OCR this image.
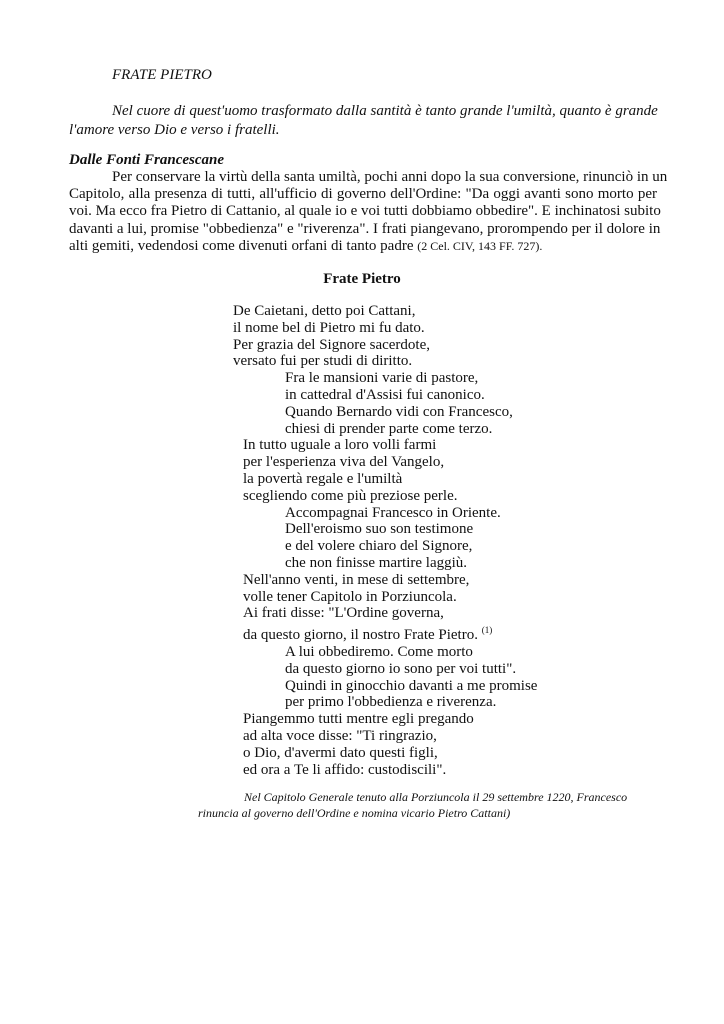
FRATE PIETRO
Nel cuore di quest'uomo trasformato dalla santità è tanto grande l'umiltà, quanto è grande
l'amore verso Dio e verso i fratelli.
Dalle Fonti Francescane
Per conservare la virtù della santa umiltà, pochi anni dopo la sua conversione, rinunciò in un
Capitolo, alla presenza di tutti, all'ufficio di governo dell'Ordine: "Da oggi avanti sono morto per
voi. Ma ecco fra Pietro di Cattanio, al quale io e voi tutti dobbiamo obbedire". E inchinatosi subito
davanti a lui, promise "obbedienza" e "riverenza". I frati piangevano, prorompendo per il dolore in
alti gemiti, vedendosi come divenuti orfani di tanto padre (2 Cel. CIV, 143 FF. 727).
Frate Pietro
De Caietani, detto poi Cattani,
il nome bel di Pietro mi fu dato.
Per grazia del Signore sacerdote,
versato fui per studi di diritto.
Fra le mansioni varie di pastore,
in cattedral d'Assisi fui canonico.
Quando Bernardo vidi con Francesco,
chiesi di prender parte come terzo.
In tutto uguale a loro volli farmi
per l'esperienza viva del Vangelo,
la povertà regale e l'umiltà
scegliendo come più preziose perle.
Accompagnai Francesco in Oriente.
Dell'eroismo suo son testimone
e del volere chiaro del Signore,
che non finisse martire laggiù.
Nell'anno venti, in mese di settembre,
volle tener Capitolo in Porziuncola.
Ai frati disse: "L'Ordine governa,
da questo giorno, il nostro Frate Pietro. $^{(1)}$
A lui obbediremo. Come morto
da questo giorno io sono per voi tutti".
Quindi in ginocchio davanti a me promise
per primo l'obbedienza e riverenza.
Piangemmo tutti mentre egli pregando
ad alta voce disse: "Ti ringrazio,
o Dio, d'avermi dato questi figli,
ed ora a Te li affido: custodiscili".
Nel Capitolo Generale tenuto alla Porziuncola il 29 settembre 1220, Francesco
rinuncia al governo dell'Ordine e nomina vicario Pietro Cattani)
